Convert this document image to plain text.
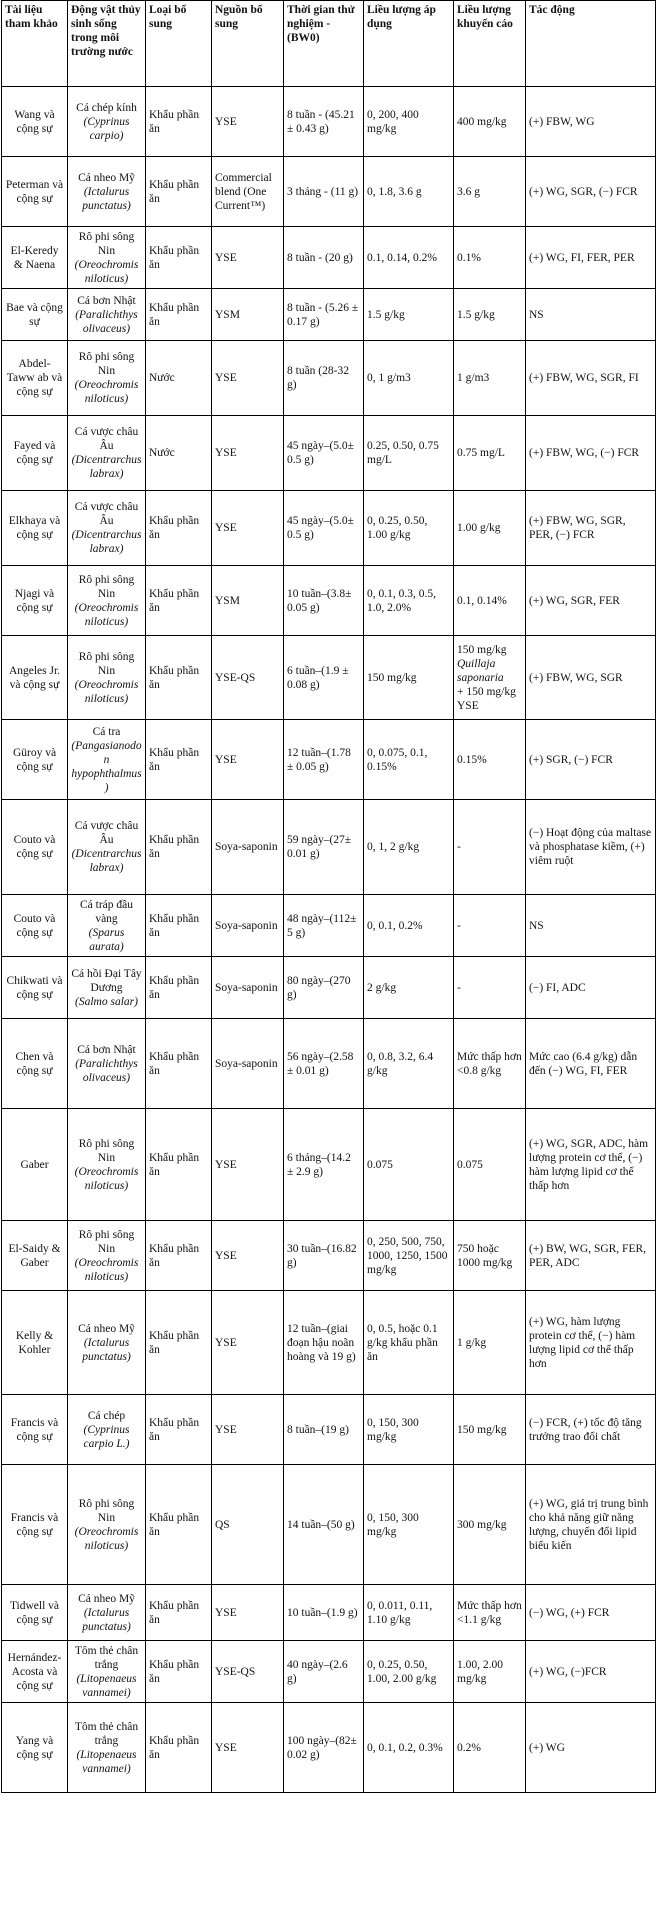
Tài liệu tham khảo	Động vật thủy sinh sống trong môi trường nước	Loại bổ sung	Nguồn bổ sung	Thời gian thử nghiệm - (BW0)	Liều lượng áp dụng	Liều lượng khuyến cáo	Tác động
Wang và cộng sự	Cá chép kính
(Cyprinus carpio)	Khẩu phần ăn	YSE	8 tuần - (45.21 ± 0.43 g)	0, 200, 400 mg/kg	400 mg/kg	(+) FBW, WG
Peterman và cộng sự	Cá nheo Mỹ
(Ictalurus punctatus)	Khẩu phần ăn	Commercial blend (One Current™)	3 tháng - (11 g)	0, 1.8, 3.6 g	3.6 g	(+) WG, SGR, (−) FCR
El-Keredy & Naena	Rô phi sông Nin
(Oreochromis niloticus)	Khẩu phần ăn	YSE	8 tuần - (20 g)	0.1, 0.14, 0.2%	0.1%	(+) WG, FI, FER, PER
Bae và cộng sự	Cá bơn Nhật
(Paralichthys olivaceus)	Khẩu phần ăn	YSM	8 tuần - (5.26 ± 0.17 g)	1.5 g/kg	1.5 g/kg	NS
Abdel-Taww ab và cộng sự	Rô phi sông Nin
(Oreochromis niloticus)	Nước	YSE	8 tuần (28-32 g)	0, 1 g/m3	1 g/m3	(+) FBW, WG, SGR, FI
Fayed và cộng sự	Cá vược châu Âu
(Dicentrarchus labrax)	Nước	YSE	45 ngày–(5.0± 0.5 g)	0.25, 0.50, 0.75 mg/L	0.75 mg/L	(+) FBW, WG, (−) FCR
Elkhaya và cộng sự	Cá vược châu Âu
(Dicentrarchus labrax)	Khẩu phần ăn	YSE	45 ngày–(5.0± 0.5 g)	0, 0.25, 0.50, 1.00 g/kg	1.00 g/kg	(+) FBW, WG, SGR, PER, (−) FCR
Njagi và cộng sự	Rô phi sông Nin
(Oreochromis niloticus)	Khẩu phần ăn	YSM	10 tuần–(3.8± 0.05 g)	0, 0.1, 0.3, 0.5, 1.0, 2.0%	0.1, 0.14%	(+) WG, SGR, FER
Angeles Jr. và cộng sự	Rô phi sông Nin
(Oreochromis niloticus)	Khẩu phần ăn	YSE-QS	6 tuần–(1.9 ± 0.08 g)	150 mg/kg	150 mg/kg
Quillaja saponaria
+ 150 mg/kg YSE	(+) FBW, WG, SGR
Güroy và cộng sự	Cá tra
(Pangasianodon hypophthalmus)	Khẩu phần ăn	YSE	12 tuần–(1.78 ± 0.05 g)	0, 0.075, 0.1, 0.15%	0.15%	(+) SGR, (−) FCR
Couto và cộng sự	Cá vược châu Âu
(Dicentrarchus labrax)	Khẩu phần ăn	Soya-saponin	59 ngày–(27± 0.01 g)	0, 1, 2 g/kg	-	(−) Hoạt động của maltase và phosphatase kiềm, (+) viêm ruột
Couto và cộng sự	Cá tráp đầu vàng
(Sparus aurata)	Khẩu phần ăn	Soya-saponin	48 ngày–(112± 5 g)	0, 0.1, 0.2%	-	NS
Chikwati và cộng sự	Cá hồi Đại Tây Dương
(Salmo salar)	Khẩu phần ăn	Soya-saponin	80 ngày–(270 g)	2 g/kg	-	(−) FI, ADC
Chen và cộng sự	Cá bơn Nhật
(Paralichthys olivaceus)	Khẩu phần ăn	Soya-saponin	56 ngày–(2.58 ± 0.01 g)	0, 0.8, 3.2, 6.4 g/kg	Mức thấp hơn <0.8 g/kg	Mức cao (6.4 g/kg) dẫn đến (−) WG, FI, FER
Gaber	Rô phi sông Nin
(Oreochromis niloticus)	Khẩu phần ăn	YSE	6 tháng–(14.2 ± 2.9 g)	0.075	0.075	(+) WG, SGR, ADC, hàm lượng protein cơ thể, (−) hàm lượng lipid cơ thể thấp hơn
El-Saidy & Gaber	Rô phi sông Nin
(Oreochromis niloticus)	Khẩu phần ăn	YSE	30 tuần–(16.82 g)	0, 250, 500, 750, 1000, 1250, 1500 mg/kg	750 hoặc 1000 mg/kg	(+) BW, WG, SGR, FER, PER, ADC
Kelly & Kohler	Cá nheo Mỹ
(Ictalurus punctatus)	Khẩu phần ăn	YSE	12 tuần–(giai đoạn hậu noãn hoàng và 19 g)	0, 0.5, hoặc 0.1 g/kg khẩu phần ăn	1 g/kg	(+) WG, hàm lượng protein cơ thể, (−) hàm lượng lipid cơ thể thấp hơn
Francis và cộng sự	Cá chép
(Cyprinus carpio L.)	Khẩu phần ăn	YSE	8 tuần–(19 g)	0, 150, 300 mg/kg	150 mg/kg	(−) FCR, (+) tốc độ tăng trưởng trao đổi chất
Francis và cộng sự	Rô phi sông Nin
(Oreochromis niloticus)	Khẩu phần ăn	QS	14 tuần–(50 g)	0, 150, 300 mg/kg	300 mg/kg	(+) WG, giá trị trung bình cho khả năng giữ năng lượng, chuyển đổi lipid biểu kiến
Tidwell và cộng sự	Cá nheo Mỹ
(Ictalurus punctatus)	Khẩu phần ăn	YSE	10 tuần–(1.9 g)	0, 0.011, 0.11, 1.10 g/kg	Mức thấp hơn <1.1 g/kg	(−) WG, (+) FCR
Hernández-Acosta và cộng sự	Tôm thẻ chân trắng
(Litopenaeus vannamei)	Khẩu phần ăn	YSE-QS	40 ngày–(2.6 g)	0, 0.25, 0.50, 1.00, 2.00 g/kg	1.00, 2.00 mg/kg	(+) WG, (−)FCR
Yang và cộng sự	Tôm thẻ chân trắng
(Litopenaeus vannamei)	Khẩu phần ăn	YSE	100 ngày–(82± 0.02 g)	0, 0.1, 0.2, 0.3%	0.2%	(+) WG
